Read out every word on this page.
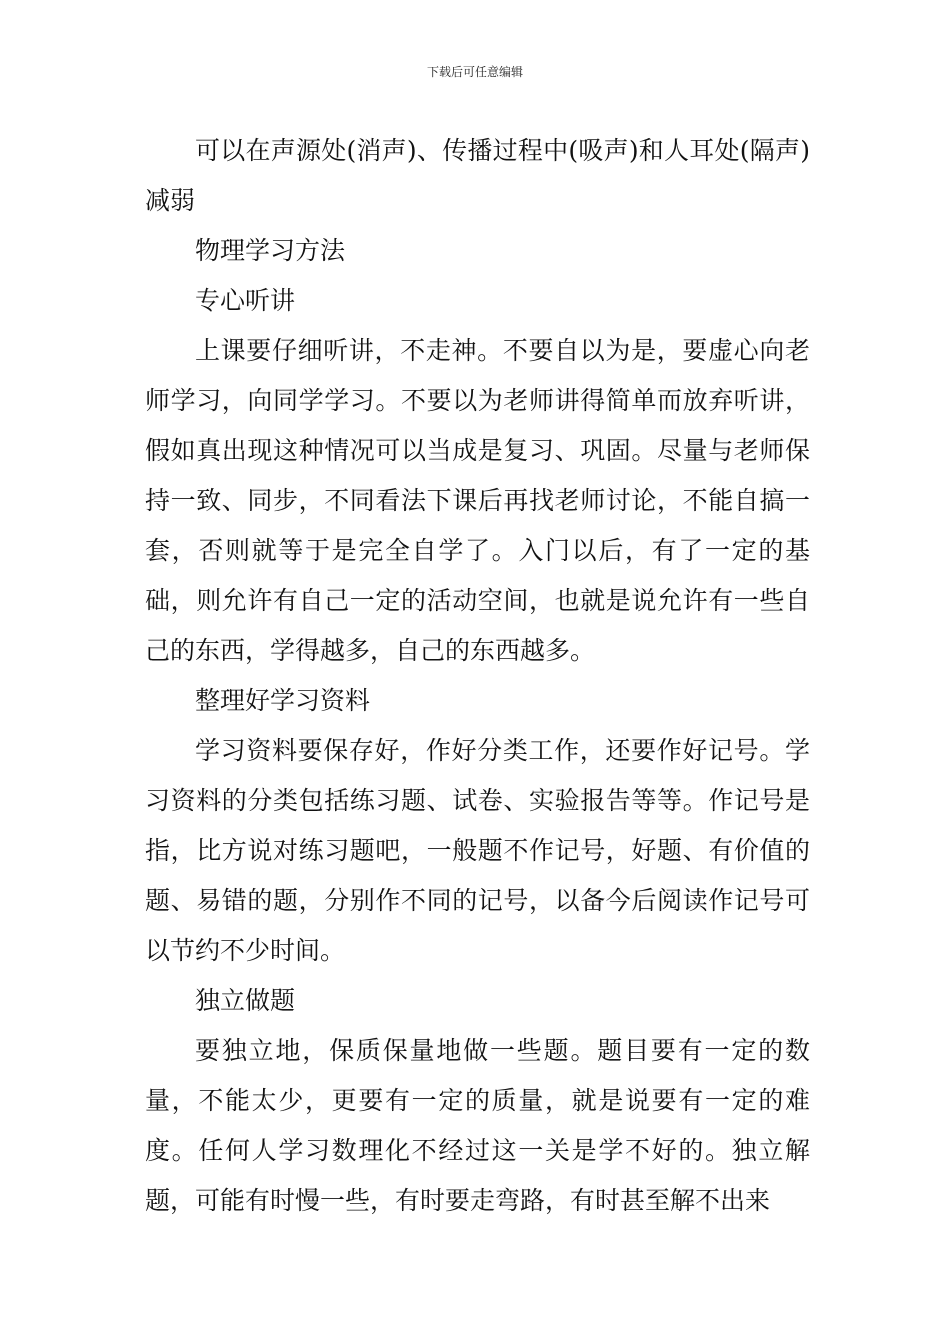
下载后可任意编辑

可以在声源处(消声)、传播过程中(吸声)和人耳处(隔声)减弱

物理学习方法

专心听讲

上课要仔细听讲，不走神。不要自以为是，要虚心向老师学习，向同学学习。不要以为老师讲得简单而放弃听讲，假如真出现这种情况可以当成是复习、巩固。尽量与老师保持一致、同步，不同看法下课后再找老师讨论，不能自搞一套，否则就等于是完全自学了。入门以后，有了一定的基础，则允许有自己一定的活动空间，也就是说允许有一些自己的东西，学得越多，自己的东西越多。

整理好学习资料

学习资料要保存好，作好分类工作，还要作好记号。学习资料的分类包括练习题、试卷、实验报告等等。作记号是指，比方说对练习题吧，一般题不作记号，好题、有价值的题、易错的题，分别作不同的记号，以备今后阅读作记号可以节约不少时间。

独立做题

要独立地，保质保量地做一些题。题目要有一定的数量，不能太少，更要有一定的质量，就是说要有一定的难度。任何人学习数理化不经过这一关是学不好的。独立解题，可能有时慢一些，有时要走弯路，有时甚至解不出来
